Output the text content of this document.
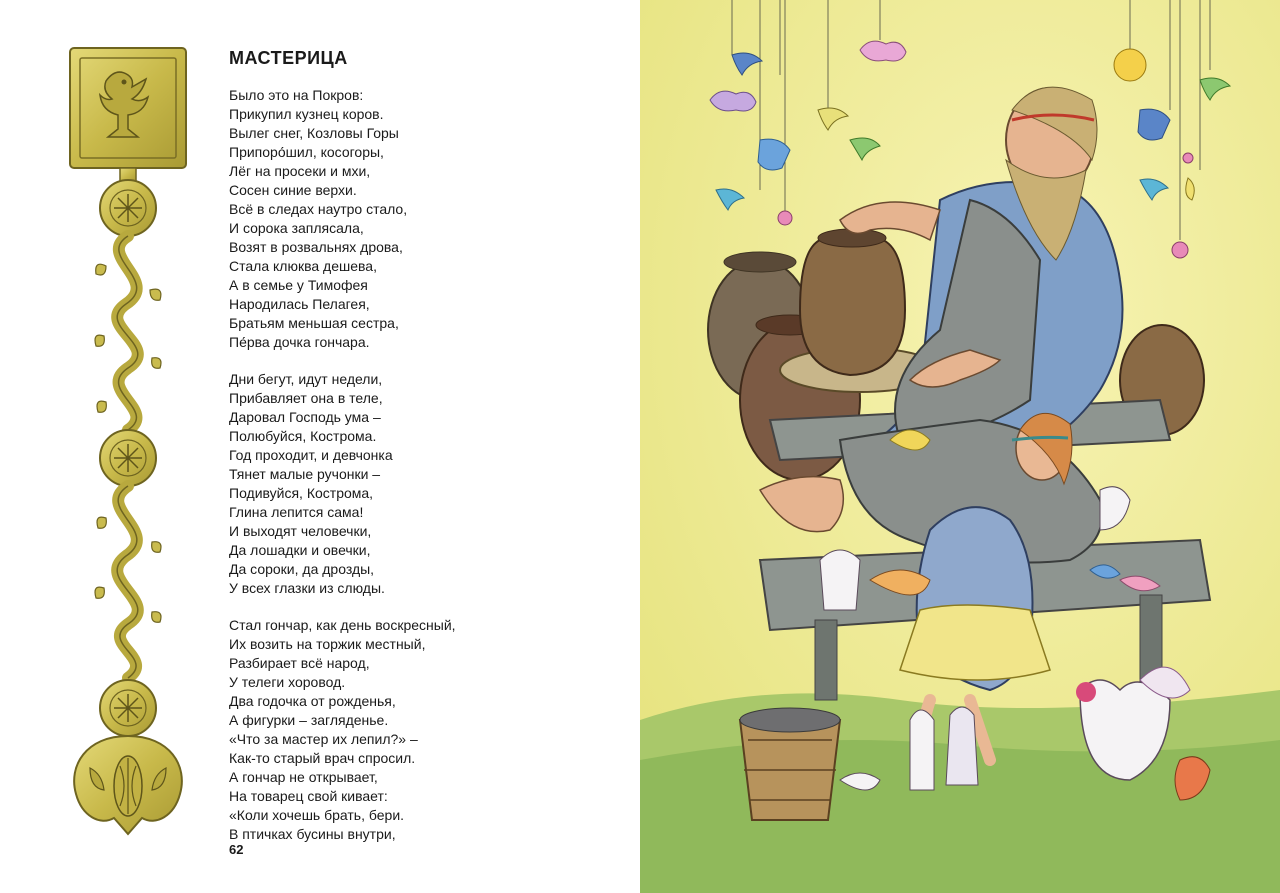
МАСТЕРИЦА
Было это на Покров:
Прикупил кузнец коров.
Вылег снег, Козловы Горы
Припоро́шил, косогоры,
Лёг на просеки и мхи,
Сосен синие верхи.
Всё в следах наутро стало,
И сорока заплясала,
Возят в розвальнях дрова,
Стала клюква дешева,
А в семье у Тимофея
Народилась Пелагея,
Братьям меньшая сестра,
Пе́рва дочка гончара.
Дни бегут, идут недели,
Прибавляет она в теле,
Даровал Господь ума –
Полюбуйся, Кострома.
Год проходит, и девчонка
Тянет малые ручонки –
Подивуйся, Кострома,
Глина лепится сама!
И выходят человечки,
Да лошадки и овечки,
Да сороки, да дрозды,
У всех глазки из слюды.
Стал гончар, как день воскресный,
Их возить на торжик местный,
Разбирает всё народ,
У телеги хоровод.
Два годочка от рожденья,
А фигурки – загляденье.
«Что за мастер их лепил?» –
Как-то старый врач спросил.
А гончар не открывает,
На товарец свой кивает:
«Коли хочешь брать, бери.
В птичках бусины внутри,
62
